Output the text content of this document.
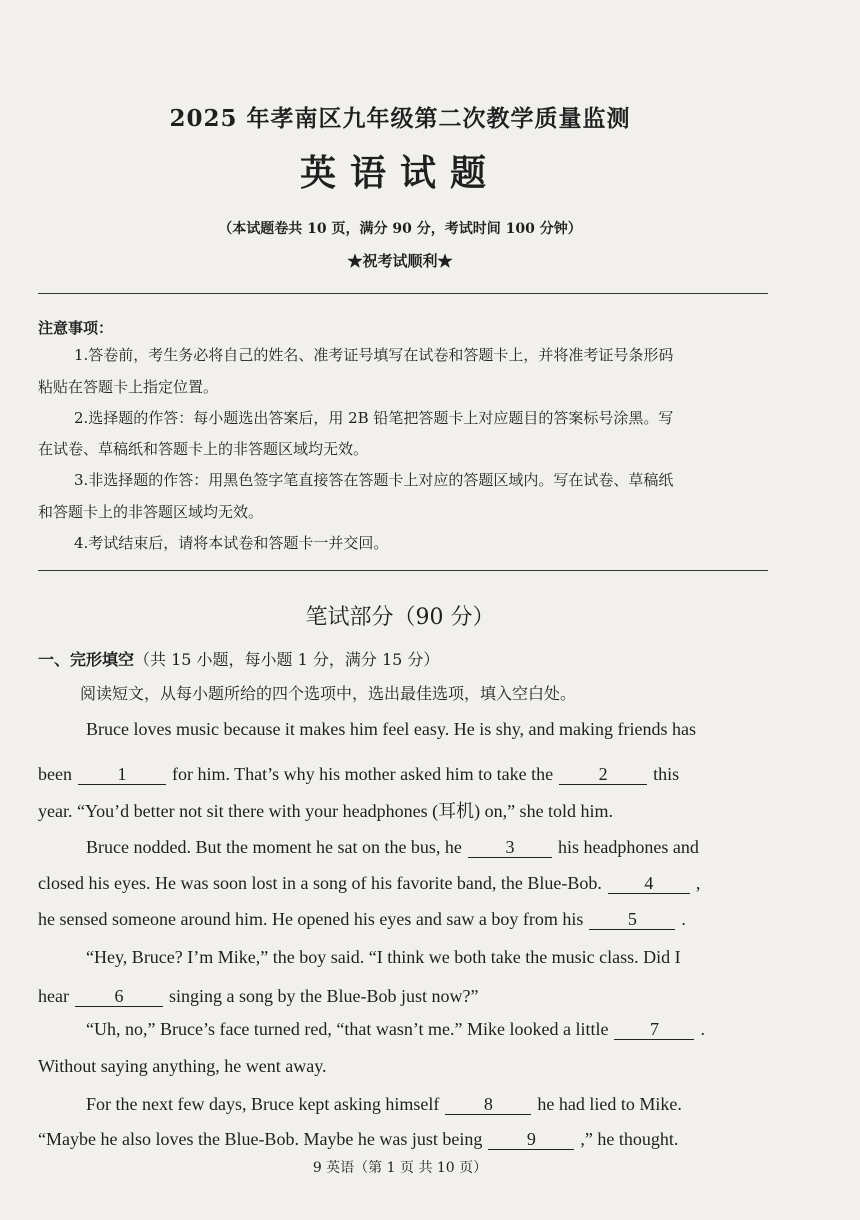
2025 年孝南区九年级第二次教学质量监测
英语试题
（本试题卷共 10 页，满分 90 分，考试时间 100 分钟）
★祝考试顺利★
注意事项：
1.答卷前，考生务必将自己的姓名、准考证号填写在试卷和答题卡上，并将准考证号条形码
粘贴在答题卡上指定位置。
2.选择题的作答：每小题选出答案后，用 2B 铅笔把答题卡上对应题目的答案标号涂黑。写
在试卷、草稿纸和答题卡上的非答题区域均无效。
3.非选择题的作答：用黑色签字笔直接答在答题卡上对应的答题区域内。写在试卷、草稿纸
和答题卡上的非答题区域均无效。
4.考试结束后，请将本试卷和答题卡一并交回。
笔试部分（90 分）
一、完形填空（共 15 小题，每小题 1 分，满分 15 分）
阅读短文，从每小题所给的四个选项中，选出最佳选项，填入空白处。
Bruce loves music because it makes him feel easy. He is shy, and making friends has
been	1	for him. That’s why his mother asked him to take the	2	this
year. “You’d better not sit there with your headphones (耳机) on,” she told him.
Bruce nodded. But the moment he sat on the bus, he 3 his headphones and
closed his eyes. He was soon lost in a song of his favorite band, the Blue-Bob. 4 ,
he sensed someone around him. He opened his eyes and saw a boy from his 5 .
“Hey, Bruce? I’m Mike,” the boy said. “I think we both take the music class. Did I
hear	6	singing a song by the Blue-Bob just now?”
“Uh, no,” Bruce’s face turned red, “that wasn’t me.” Mike looked a little 7 .
Without saying anything, he went away.
For the next few days, Bruce kept asking himself 8 he had lied to Mike.
“Maybe he also loves the Blue-Bob. Maybe he was just being 9 ,” he thought.
9 英语（第 1 页 共 10 页）
